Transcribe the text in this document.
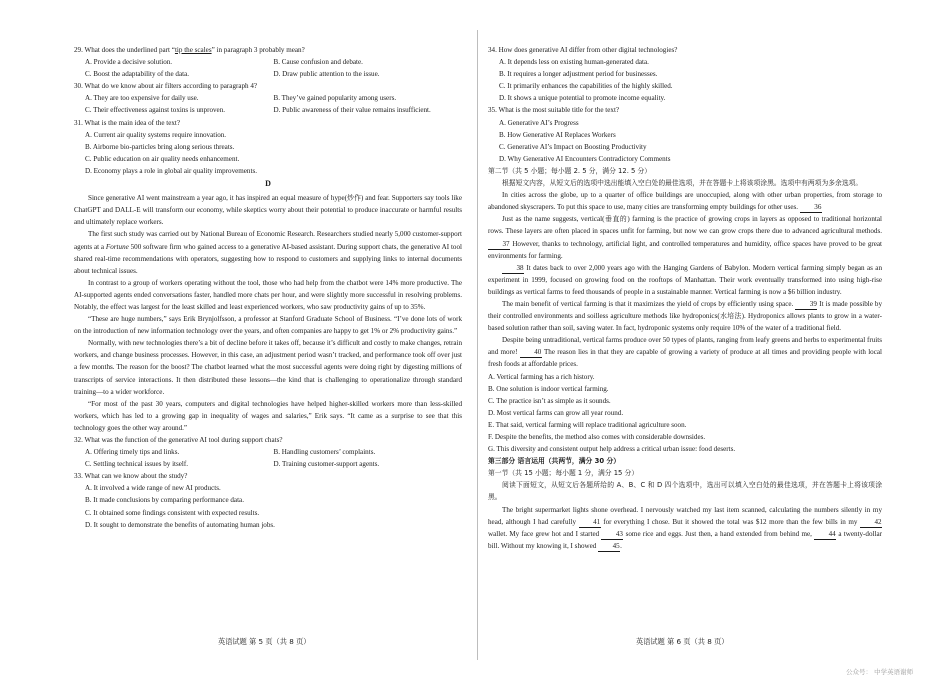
29. What does the underlined part “tip the scales” in paragraph 3 probably mean?

A. Provide a decisive solution.	B. Cause confusion and debate.
C. Boost the adaptability of the data.	D. Draw public attention to the issue.

30. What do we know about air filters according to paragraph 4?

A. They are too expensive for daily use.	B. They’ve gained popularity among users.
C. Their effectiveness against toxins is unproven.	D. Public awareness of their value remains insufficient.

31. What is the main idea of the text?

A. Current air quality systems require innovation.

B. Airborne bio-particles bring along serious threats.

C. Public education on air quality needs enhancement.

D. Economy plays a role in global air quality improvements.

D

Since generative AI went mainstream a year ago, it has inspired an equal measure of hype(炒作) and fear. Supporters say tools like ChatGPT and DALL-E will transform our economy, while skeptics worry about their potential to produce inaccurate or harmful results and ultimately replace workers.

The first such study was carried out by National Bureau of Economic Research. Researchers studied nearly 5,000 customer-support agents at a Fortune 500 software firm who gained access to a generative AI-based assistant. During support chats, the generative AI tool shared real-time recommendations with operators, suggesting how to respond to customers and supplying links to internal documents about technical issues.

In contrast to a group of workers operating without the tool, those who had help from the chatbot were 14% more productive. The AI-supported agents ended conversations faster, handled more chats per hour, and were slightly more successful in resolving problems. Notably, the effect was largest for the least skilled and least experienced workers, who saw productivity gains of up to 35%.

“These are huge numbers,” says Erik Brynjolfsson, a professor at Stanford Graduate School of Business. “I’ve done lots of work on the introduction of new information technology over the years, and often companies are happy to get 1% or 2% productivity gains.”

Normally, with new technologies there’s a bit of decline before it takes off, because it’s difficult and costly to make changes, retrain workers, and change business processes. However, in this case, an adjustment period wasn’t tracked, and performance took off over just a few months. The reason for the boost? The chatbot learned what the most successful agents were doing right by digesting millions of transcripts of service interactions. It then distributed these lessons—the kind that is challenging to operationalize through standard training—to a wider workforce.

“For most of the past 30 years, computers and digital technologies have helped higher-skilled workers more than less-skilled workers, which has led to a growing gap in inequality of wages and salaries,” Erik says. “It came as a surprise to see that this technology goes the other way around.”

32. What was the function of the generative AI tool during support chats?

A. Offering timely tips and links.	B. Handling customers’ complaints.
C. Settling technical issues by itself.	D. Training customer-support agents.

33. What can we know about the study?

A. It involved a wide range of new AI products.

B. It made conclusions by comparing performance data.

C. It obtained some findings consistent with expected results.

D. It sought to demonstrate the benefits of automating human jobs.

34. How does generative AI differ from other digital technologies?

A. It depends less on existing human-generated data.

B. It requires a longer adjustment period for businesses.

C. It primarily enhances the capabilities of the highly skilled.

D. It shows a unique potential to promote income equality.

35. What is the most suitable title for the text?

A. Generative AI’s Progress

B. How Generative AI Replaces Workers

C. Generative AI’s Impact on Boosting Productivity

D. Why Generative AI Encounters Contradictory Comments

第二节（共 5 小题；每小题 2. 5 分，满分 12. 5 分）

根据短文内容，从短文后的选项中选出能填入空白处的最佳选项，并在答题卡上将该项涂黑。选项中有两项为多余选项。

In cities across the globe, up to a quarter of office buildings are unoccupied, along with other urban properties, from storage to abandoned skyscrapers. To put this space to use, many cities are transforming empty buildings for other uses. 36

Just as the name suggests, vertical(垂直的) farming is the practice of growing crops in layers as opposed to traditional horizontal rows. These layers are often placed in spaces unfit for farming, but now we can grow crops there due to advanced agricultural methods. 37 However, thanks to technology, artificial light, and controlled temperatures and humidity, office spaces have proved to be great environments for farming.

38 It dates back to over 2,000 years ago with the Hanging Gardens of Babylon. Modern vertical farming simply began as an experiment in 1999, focused on growing food on the rooftops of Manhattan. Their work eventually transformed into using high-rise buildings as vertical farms to feed thousands of people in a sustainable manner. Vertical farming is now a $6 billion industry.

The main benefit of vertical farming is that it maximizes the yield of crops by efficiently using space. 39 It is made possible by their controlled environments and soilless agriculture methods like hydroponics(水培法). Hydroponics allows plants to grow in a water-based solution rather than soil, saving water. In fact, hydroponic systems only require 10% of the water of a traditional field.

Despite being untraditional, vertical farms produce over 50 types of plants, ranging from leafy greens and herbs to experimental fruits and more! 40 The reason lies in that they are capable of growing a variety of produce at all times and providing people with local fresh foods at affordable prices.

A. Vertical farming has a rich history.

B. One solution is indoor vertical farming.

C. The practice isn’t as simple as it sounds.

D. Most vertical farms can grow all year round.

E. That said, vertical farming will replace traditional agriculture soon.

F. Despite the benefits, the method also comes with considerable downsides.

G. This diversity and consistent output help address a critical urban issue: food deserts.

第三部分 语言运用（共两节，满分 30 分）

第一节（共 15 小题；每小题 1 分，满分 15 分）

阅读下面短文，从短文后各题所给的 A、B、C 和 D 四个选项中，选出可以填入空白处的最佳选项，并在答题卡上将该项涂黑。

The bright supermarket lights shone overhead. I nervously watched my last item scanned, calculating the numbers silently in my head, although I had carefully 41 for everything I chose. But it showed the total was $12 more than the few bills in my 42 wallet. My face grew hot and I started 43 some rice and eggs. Just then, a hand extended from behind me, 44 a twenty-dollar bill. Without my knowing it, I showed 45.

英语试题 第 5 页（共 8 页）	英语试题 第 6 页（共 8 页）
公众号： 中学英语谢师
